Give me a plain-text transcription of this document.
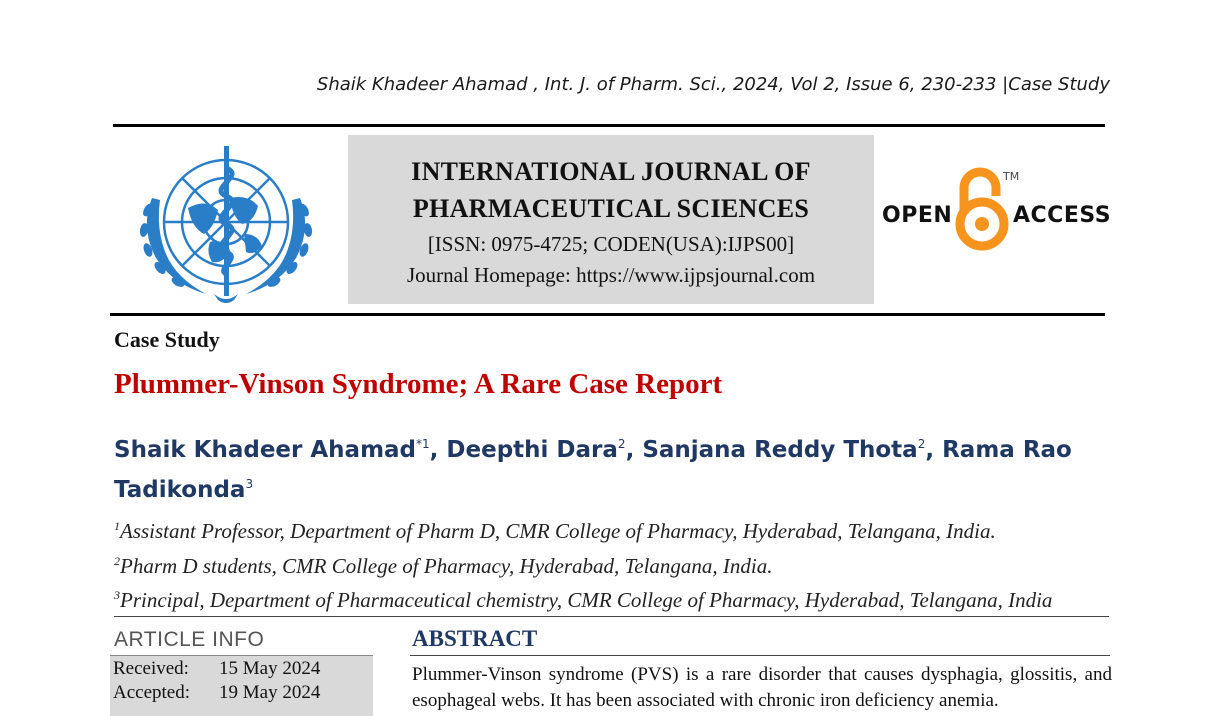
Shaik Khadeer Ahamad , Int. J. of Pharm. Sci., 2024, Vol 2, Issue 6, 230-233 |Case Study
INTERNATIONAL JOURNAL OF
PHARMACEUTICAL SCIENCES
[ISSN: 0975-4725; CODEN(USA):IJPS00]
Journal Homepage: https://www.ijpsjournal.com
OPEN
TM
ACCESS
Case Study
Plummer-Vinson Syndrome; A Rare Case Report
Shaik Khadeer Ahamad$^{*1}$, Deepthi Dara$^2$, Sanjana Reddy Thota$^2$, Rama Rao Tadikonda$^3$
$^1$Assistant Professor, Department of Pharm D, CMR College of Pharmacy, Hyderabad, Telangana, India.
$^2$Pharm D students, CMR College of Pharmacy, Hyderabad, Telangana, India.
$^3$Principal, Department of Pharmaceutical chemistry, CMR College of Pharmacy, Hyderabad, Telangana, India
ARTICLE INFO
Received: 15 May 2024
Accepted: 19 May 2024
ABSTRACT
Plummer-Vinson syndrome (PVS) is a rare disorder that causes dysphagia, glossitis, and esophageal webs. It has been associated with chronic iron deficiency anemia.
